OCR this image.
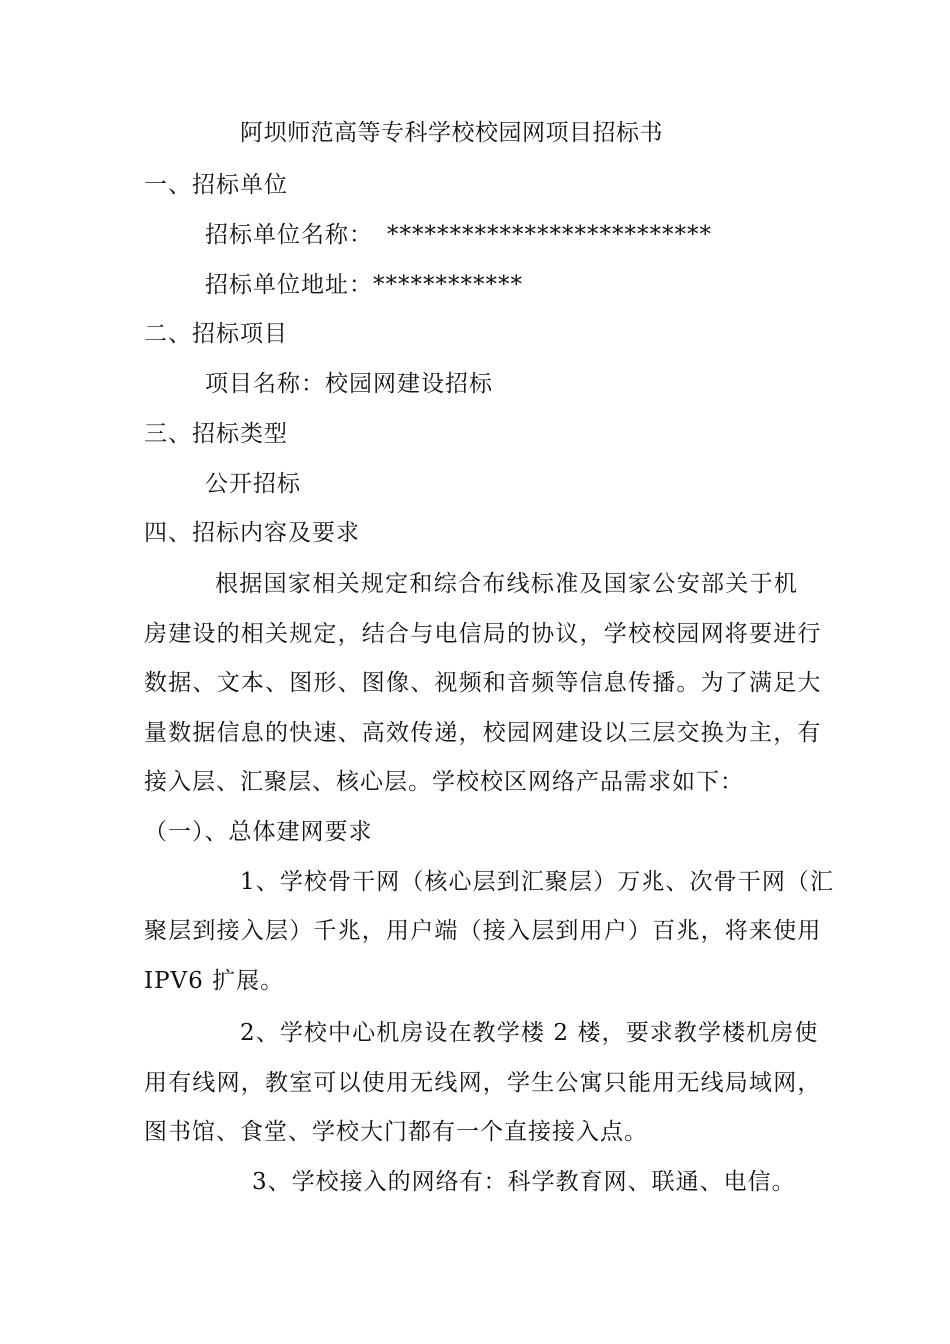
阿坝师范高等专科学校校园网项目招标书
一、招标单位
招标单位名称： **************************
招标单位地址：************
二、招标项目
项目名称：校园网建设招标
三、招标类型
公开招标
四、招标内容及要求
根据国家相关规定和综合布线标准及国家公安部关于机
房建设的相关规定，结合与电信局的协议，学校校园网将要进行
数据、文本、图形、图像、视频和音频等信息传播。为了满足大
量数据信息的快速、高效传递，校园网建设以三层交换为主，有
接入层、汇聚层、核心层。学校校区网络产品需求如下：
（一）、总体建网要求
1、学校骨干网（核心层到汇聚层）万兆、次骨干网（汇
聚层到接入层）千兆，用户端（接入层到用户）百兆，将来使用
IPV6 扩展。
2、学校中心机房设在教学楼 2 楼，要求教学楼机房使
用有线网，教室可以使用无线网，学生公寓只能用无线局域网，
图书馆、食堂、学校大门都有一个直接接入点。
3、学校接入的网络有：科学教育网、联通、电信。
